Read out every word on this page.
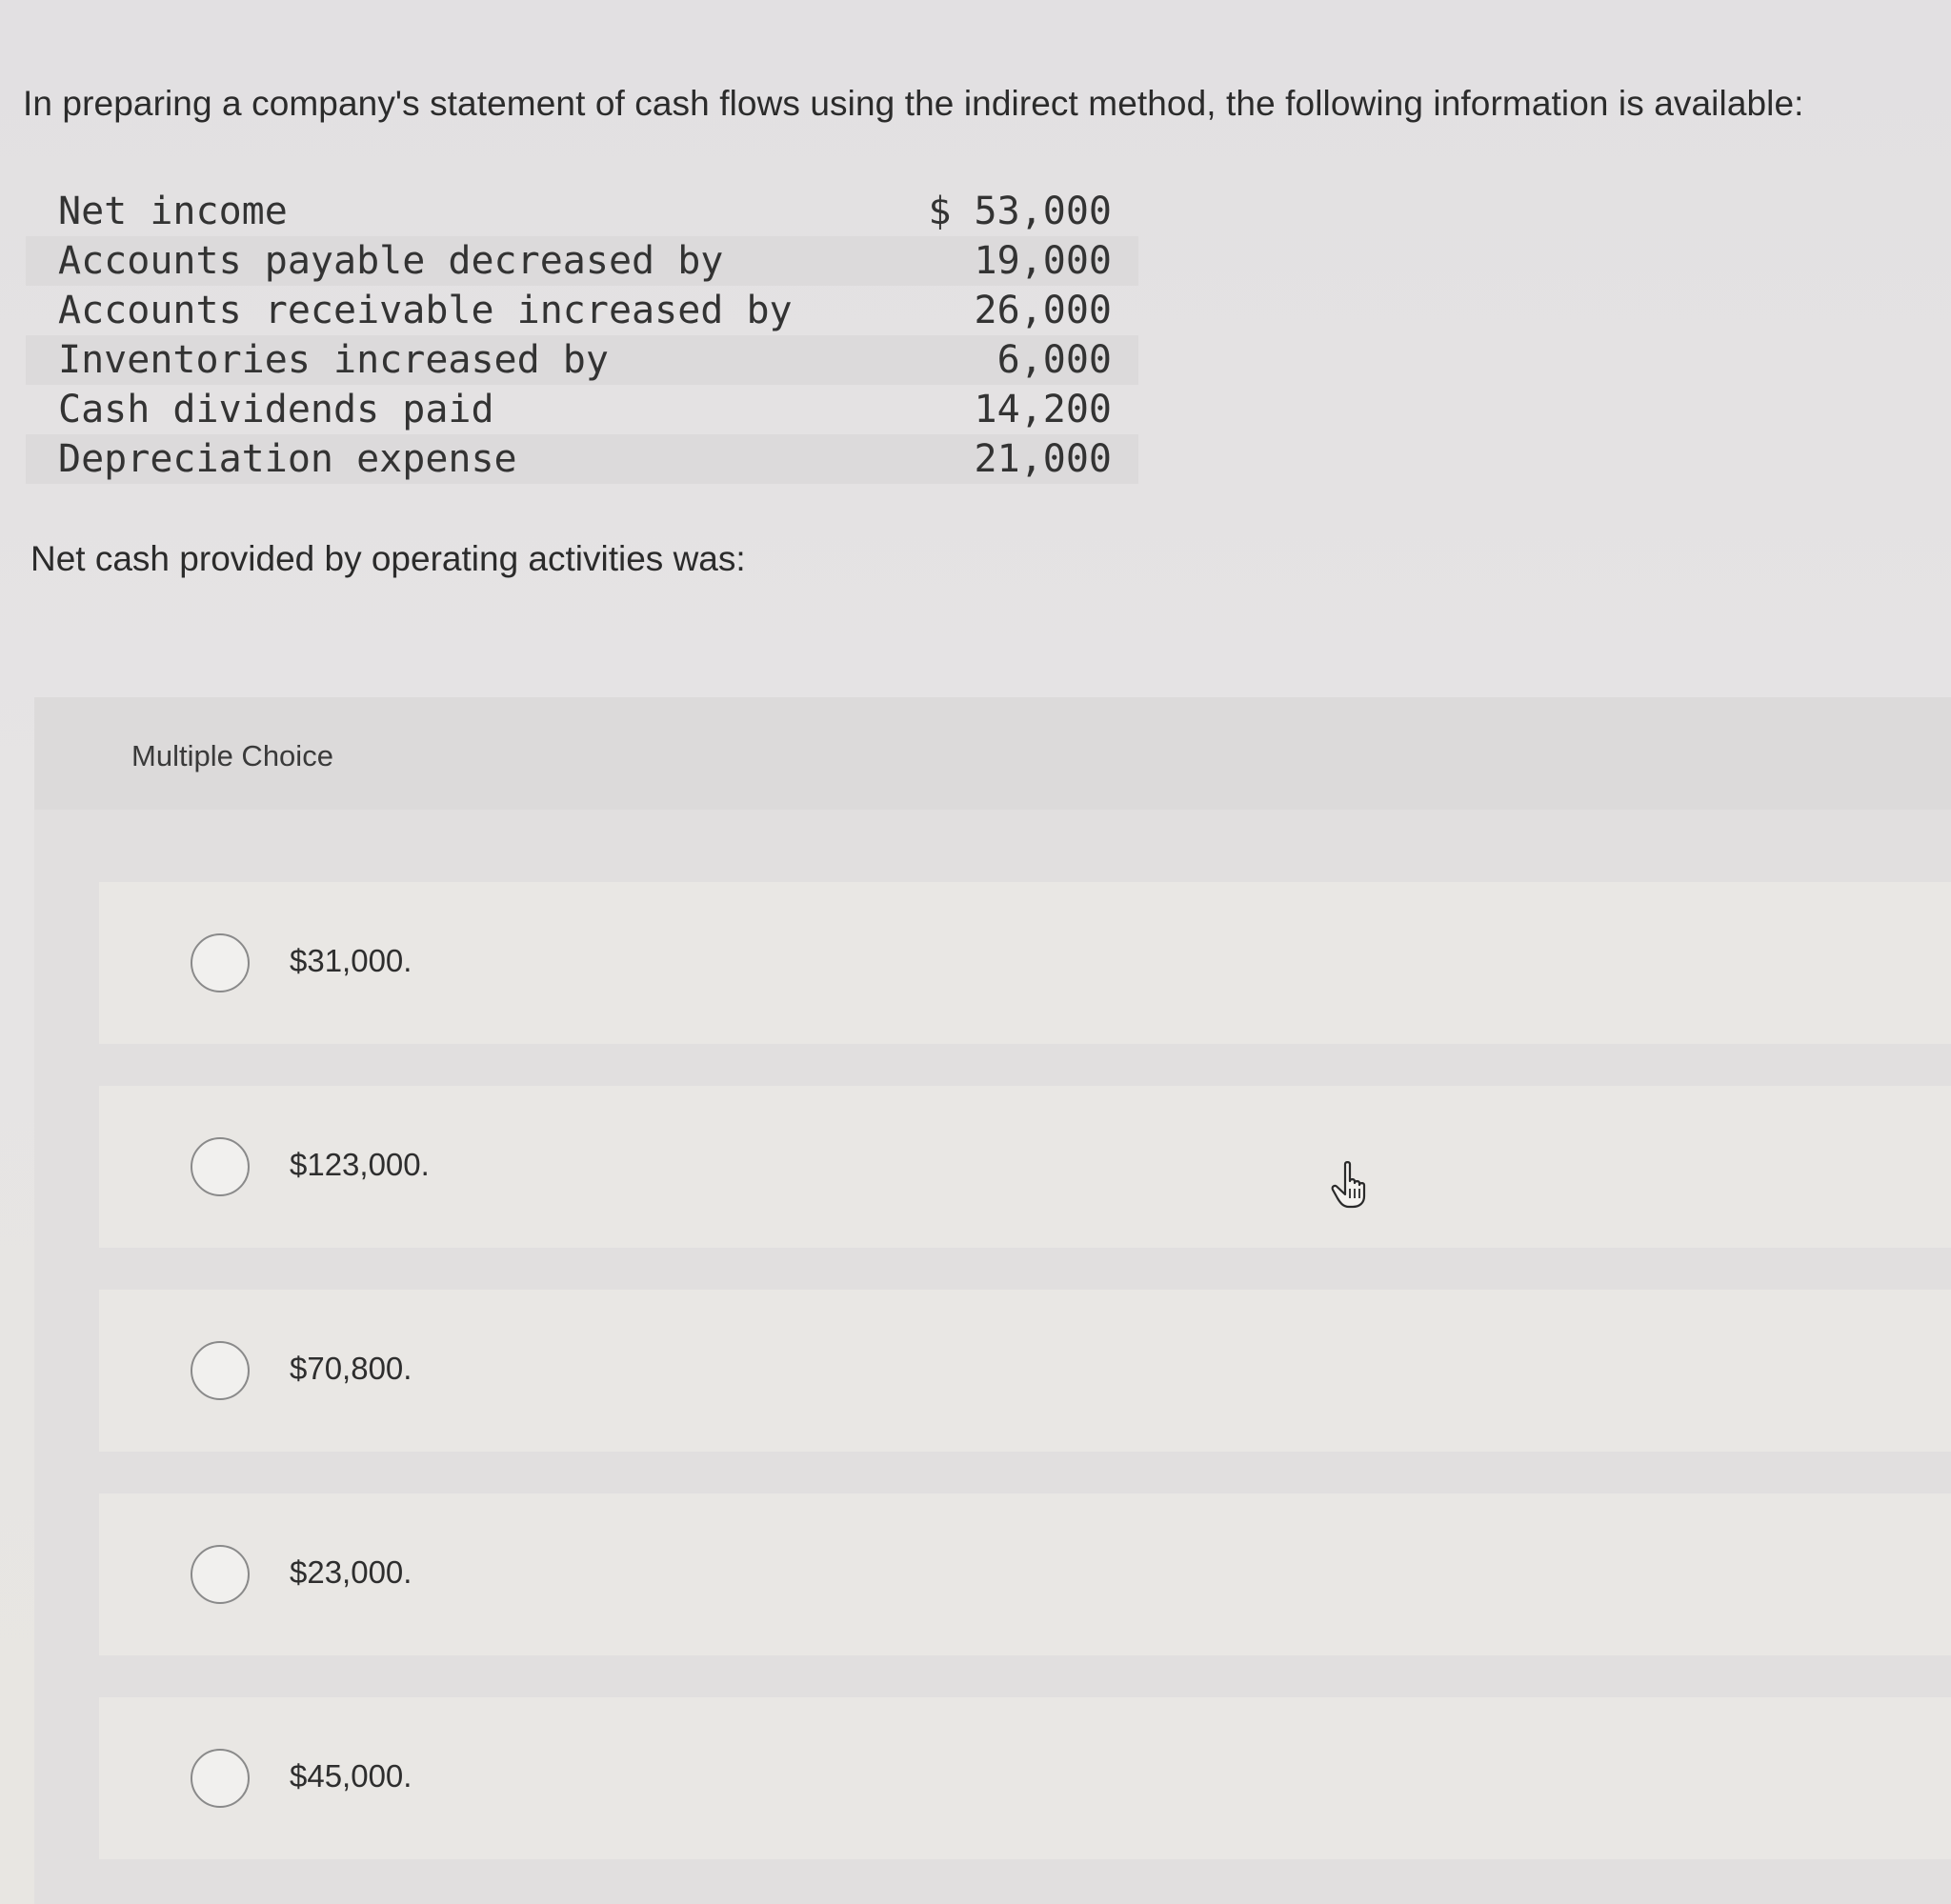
In preparing a company's statement of cash flows using the indirect method, the following information is available:
Net income	$ 53,000
Accounts payable decreased by	19,000
Accounts receivable increased by	26,000
Inventories increased by	6,000
Cash dividends paid	14,200
Depreciation expense	21,000
Net cash provided by operating activities was:
Multiple Choice
$31,000.
$123,000.
$70,800.
$23,000.
$45,000.
